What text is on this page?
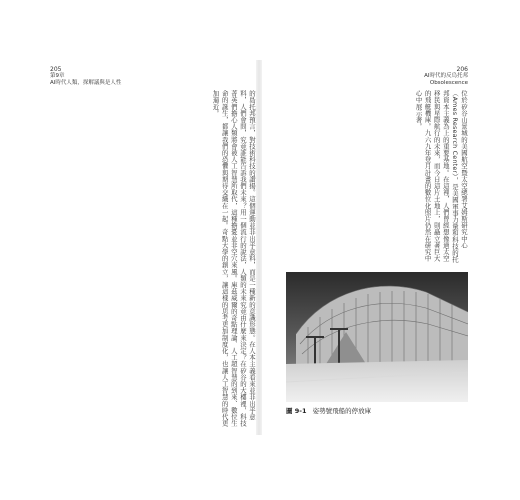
205
第9章
AI時代人類，探解議與是人性
的島托邦預言，對技術科技的讚揚。這個運動並非出乎意料，而是一種新的意識形態。在人本主義看來並非出乎意料，人們會問，究竟誰能告訴我們未來？用一個流行的說法，人類的未來究竟由什麼來決定？在矽谷的大樓裡，科技菁英們擔心人類將會被人工智慧所取代，這種擔憂並非空穴來風。庫茲威爾的奇點理論、人工超智慧的到來、數位生命的誕生，都讓我們的恐懼與期待交織在一起。奇點大學的創立，讓這樣的思考更加制度化，也讓人工智慧的時代更加逼近。
206
AI時代的反烏托邦
Obsolescence
位於矽谷山景城的美國航空暨太空總署艾姆斯研究中心（Ames Research Center），是美國軍事力量和科技的托邦資本主義為上的重要基地。在這裡，人們曾經想像過太空移民與星際航行的未來，而今日這片土地上，則矗立著巨大的飛艇機庫。九六九年登月計畫的數位化照片仍然在研究中心中展示著。
圖 9-1 姿勢號飛船的停放庫
